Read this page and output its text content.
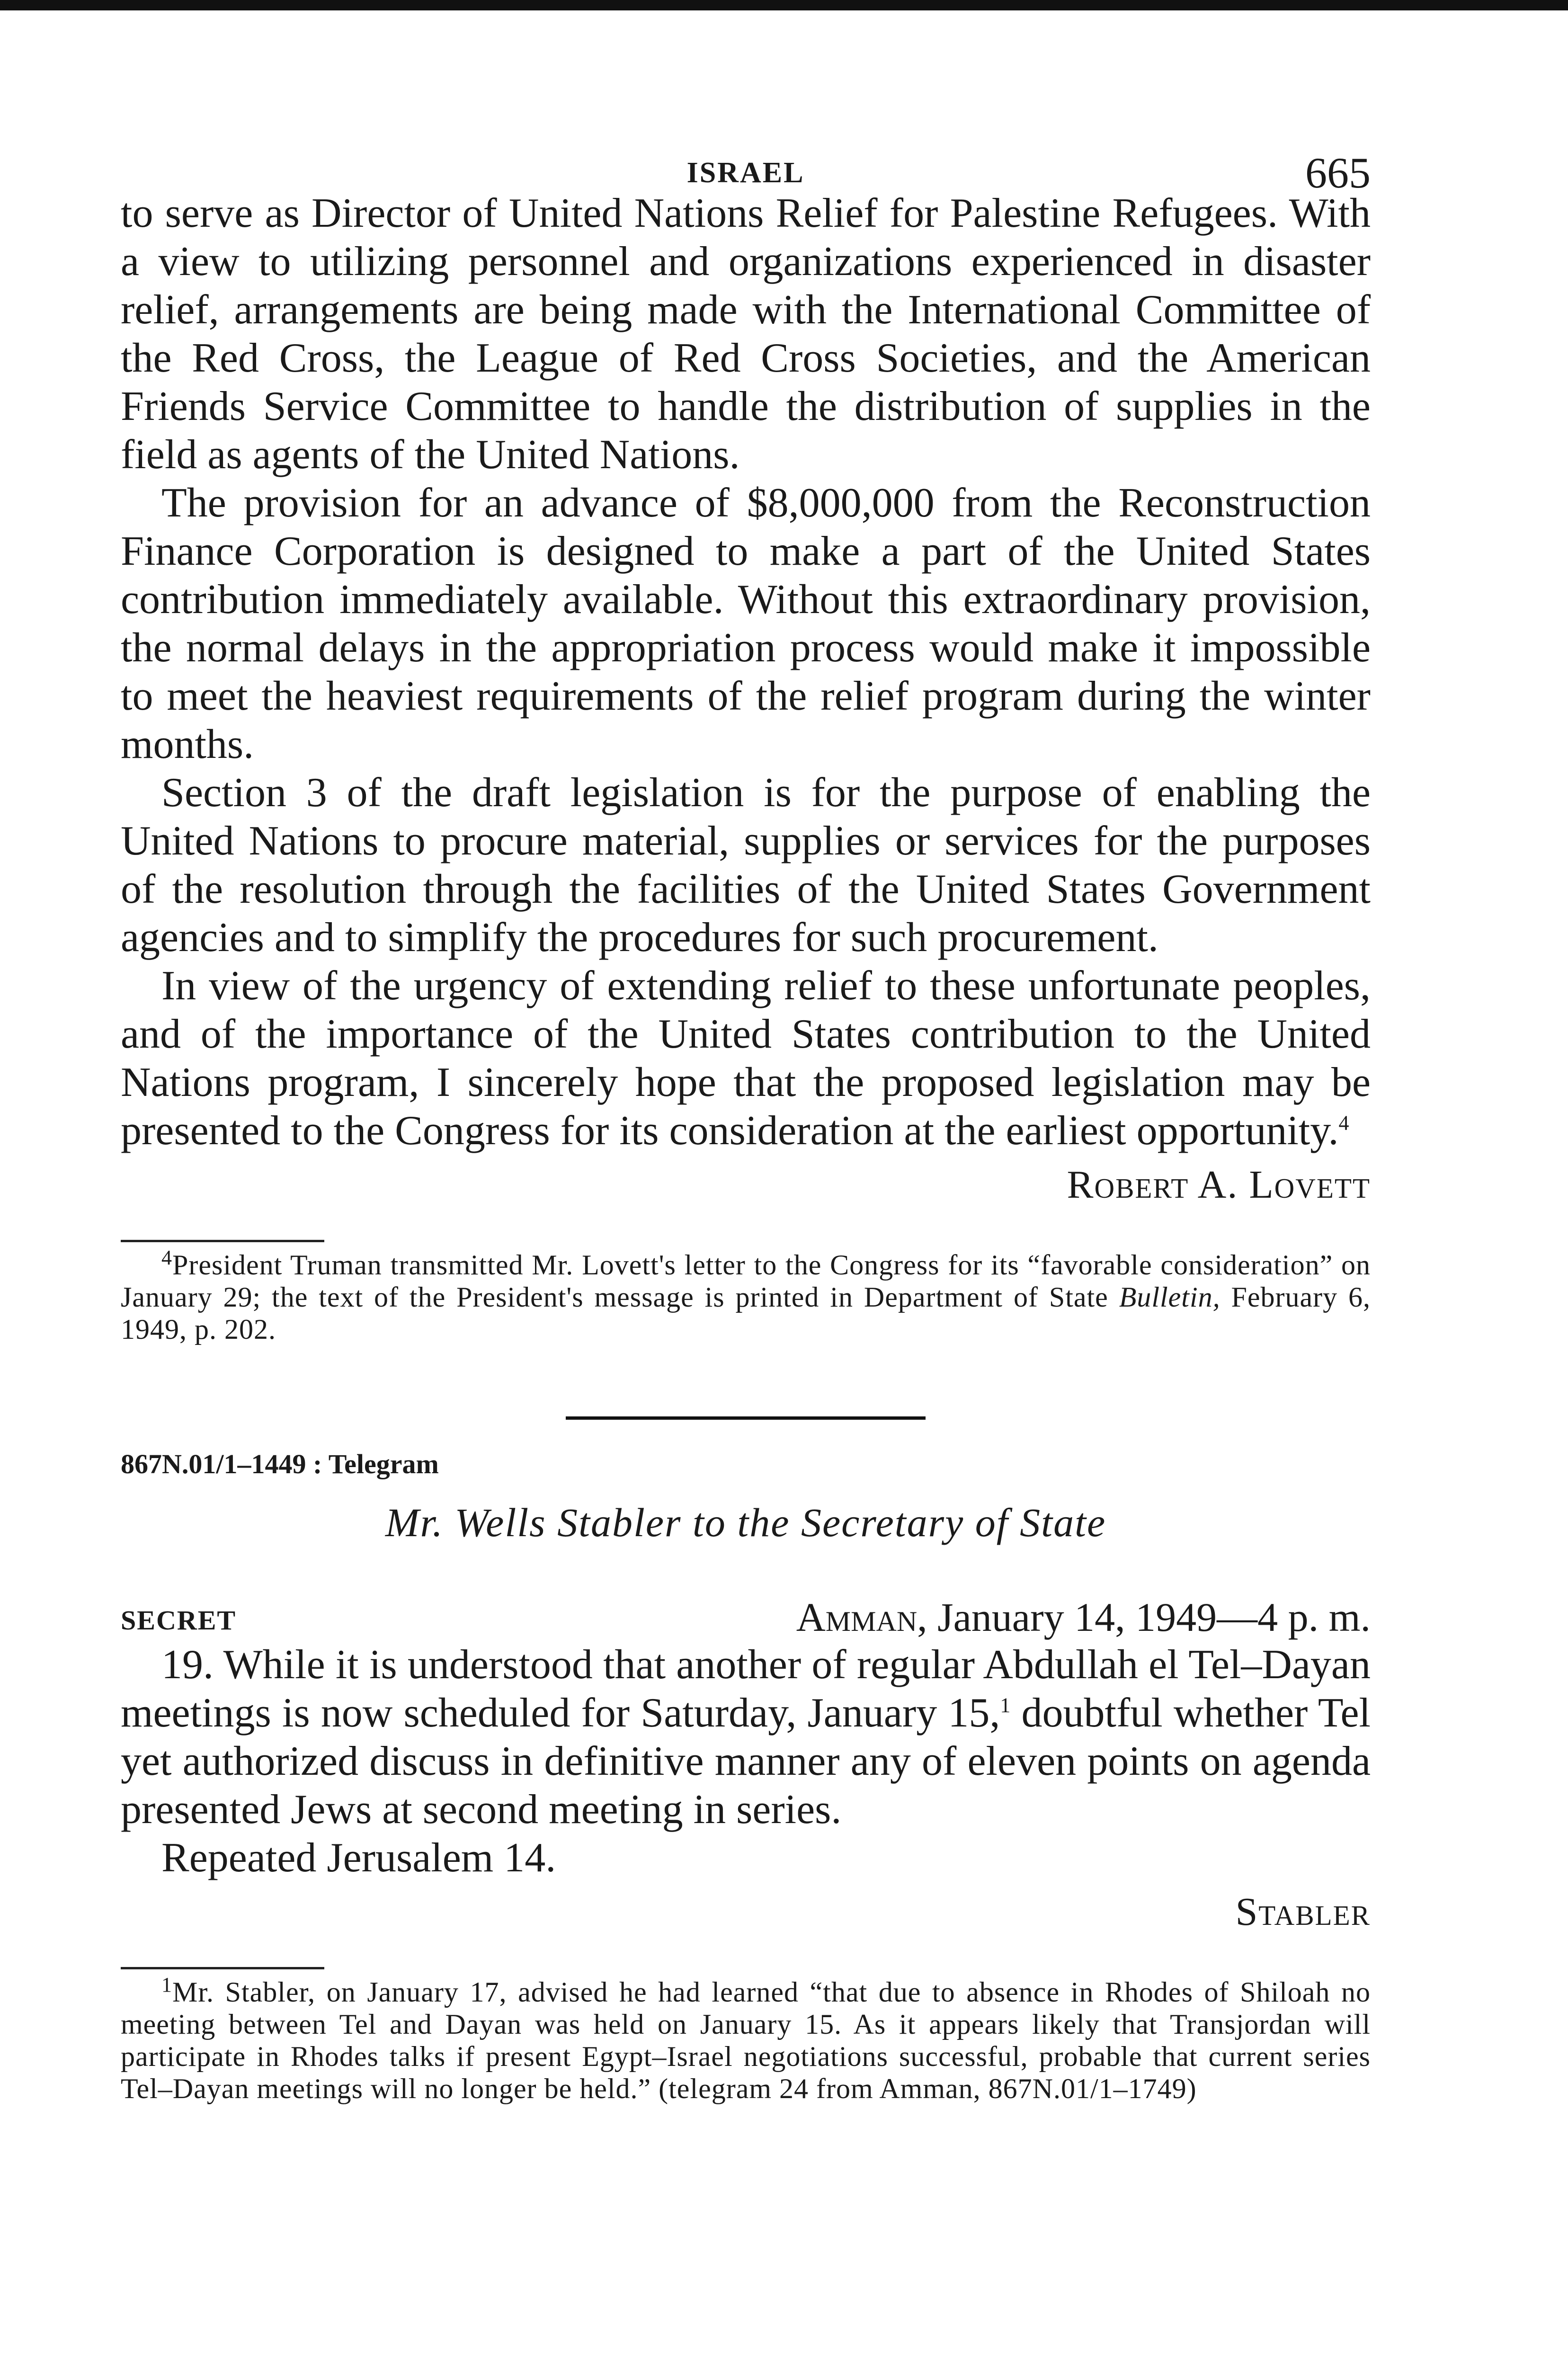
ISRAEL	665

to serve as Director of United Nations Relief for Palestine Refugees. With a view to utilizing personnel and organizations experienced in disaster relief, arrangements are being made with the International Committee of the Red Cross, the League of Red Cross Societies, and the American Friends Service Committee to handle the distribution of supplies in the field as agents of the United Nations.

The provision for an advance of $8,000,000 from the Reconstruction Finance Corporation is designed to make a part of the United States contribution immediately available. Without this extraordinary provision, the normal delays in the appropriation process would make it impossible to meet the heaviest requirements of the relief program during the winter months.

Section 3 of the draft legislation is for the purpose of enabling the United Nations to procure material, supplies or services for the purposes of the resolution through the facilities of the United States Government agencies and to simplify the procedures for such procurement.

In view of the urgency of extending relief to these unfortunate peoples, and of the importance of the United States contribution to the United Nations program, I sincerely hope that the proposed legislation may be presented to the Congress for its consideration at the earliest opportunity.$^4$

Robert A. Lovett

$^4$President Truman transmitted Mr. Lovett's letter to the Congress for its “favorable consideration” on January 29; the text of the President's message is printed in Department of State Bulletin, February 6, 1949, p. 202.

867N.01/1–1449 : Telegram
Mr. Wells Stabler to the Secretary of State
SECRET	Amman, January 14, 1949—4 p. m.

19. While it is understood that another of regular Abdullah el Tel–Dayan meetings is now scheduled for Saturday, January 15,$^1$ doubtful whether Tel yet authorized discuss in definitive manner any of eleven points on agenda presented Jews at second meeting in series.

Repeated Jerusalem 14.

Stabler

$^1$Mr. Stabler, on January 17, advised he had learned “that due to absence in Rhodes of Shiloah no meeting between Tel and Dayan was held on January 15. As it appears likely that Transjordan will participate in Rhodes talks if present Egypt–Israel negotiations successful, probable that current series Tel–Dayan meetings will no longer be held.” (telegram 24 from Amman, 867N.01/1–1749)
